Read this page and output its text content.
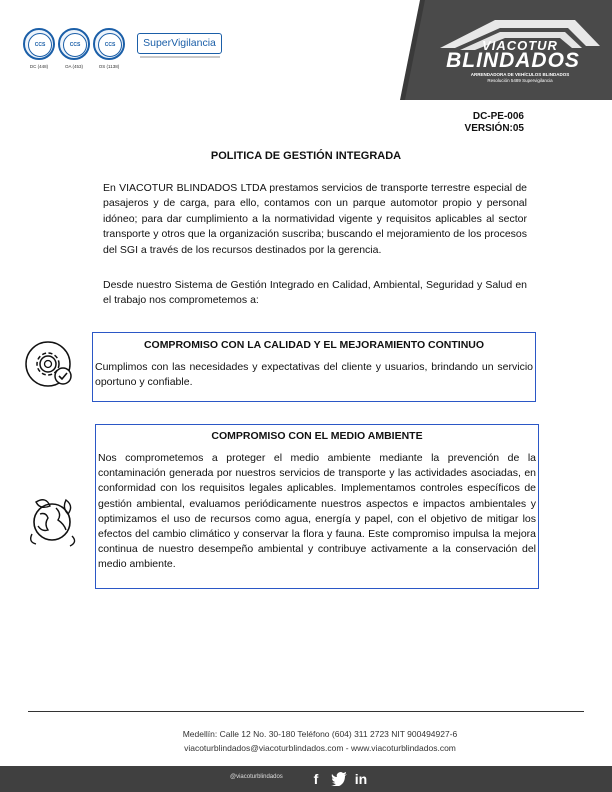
CCS	CCS	CCS
DC (448)	OA (453)	OS (1138)
SuperVigilancia	VIACOTUR
BLINDADOS
ARRENDADORA DE VEHÍCULOS BLINDADOS
Resolución 5489 Supervigilancia
DC-PE-006
VERSIÓN:05
POLITICA DE GESTIÓN INTEGRADA

En VIACOTUR BLINDADOS LTDA prestamos servicios de transporte terrestre especial de pasajeros y de carga, para ello, contamos con un parque automotor propio y personal idóneo; para dar cumplimiento a la normatividad vigente y requisitos aplicables al sector transporte y otros que la organización suscriba; buscando el mejoramiento de los procesos del SGI a través de los recursos destinados por la gerencia.

Desde nuestro Sistema de Gestión Integrado en Calidad, Ambiental, Seguridad y Salud en el trabajo nos comprometemos a:

COMPROMISO CON LA CALIDAD Y EL MEJORAMIENTO CONTINUO

Cumplimos con las necesidades y expectativas del cliente y usuarios, brindando un servicio oportuno y confiable.

COMPROMISO CON EL MEDIO AMBIENTE

Nos comprometemos a proteger el medio ambiente mediante la prevención de la contaminación generada por nuestros servicios de transporte y las actividades asociadas, en conformidad con los requisitos legales aplicables. Implementamos controles específicos de gestión ambiental, evaluamos periódicamente nuestros aspectos e impactos ambientales y optimizamos el uso de recursos como agua, energía y papel, con el objetivo de mitigar los efectos del cambio climático y conservar la flora y fauna. Este compromiso impulsa la mejora continua de nuestro desempeño ambiental y contribuye activamente a la conservación del medio ambiente.

Medellín: Calle 12 No. 30-180 Teléfono (604) 311 2723 NIT 900494927-6
viacoturblindados@viacoturblindados.com - www.viacoturblindados.com
@viacoturblindados	f	in
